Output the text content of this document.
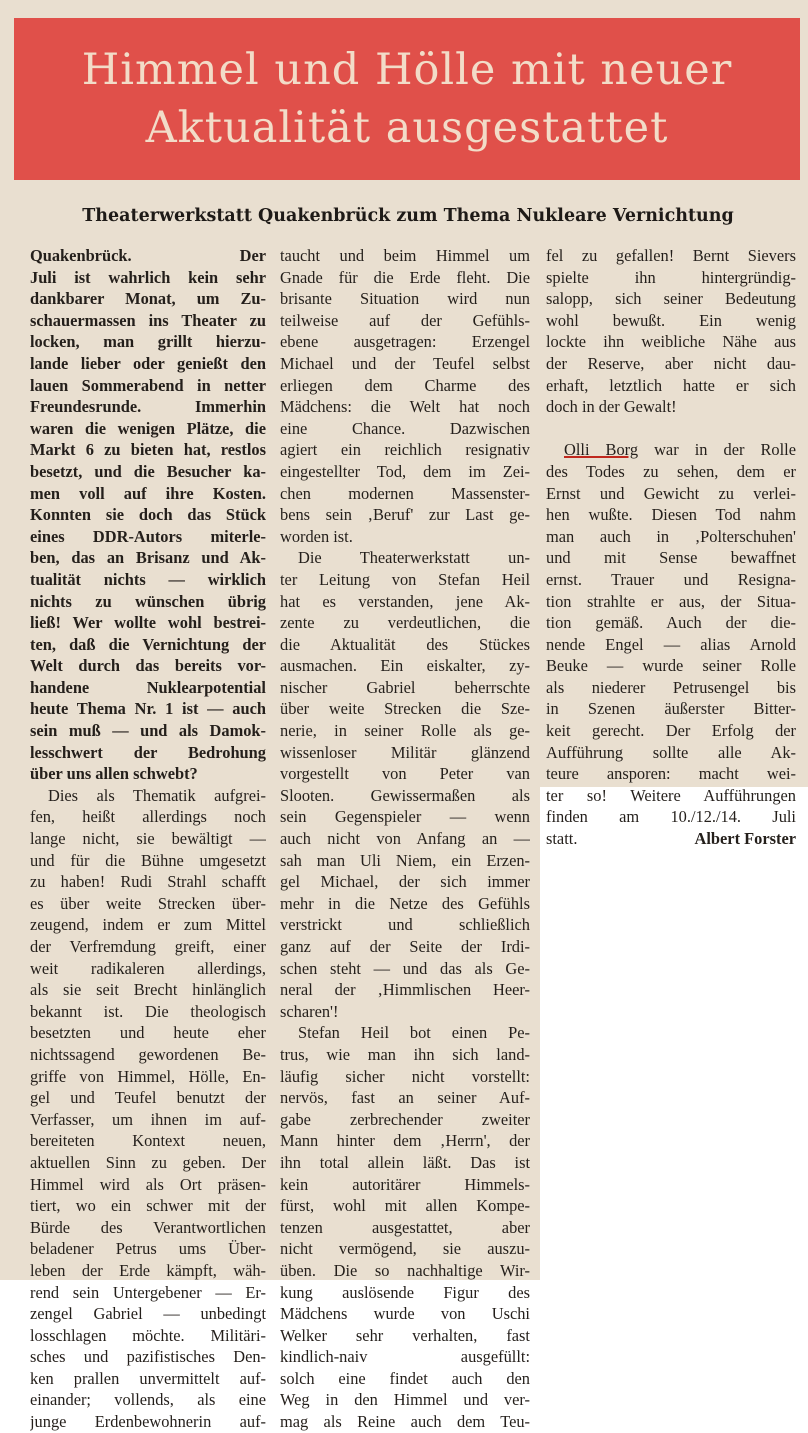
Himmel und Hölle mit neuer
Aktualität ausgestattet
Theaterwerkstatt Quakenbrück zum Thema Nukleare Vernichtung
Quakenbrück. Der
Juli ist wahrlich kein sehr
dankbarer Monat, um Zu-
schauermassen ins Theater zu
locken, man grillt hierzu-
lande lieber oder genießt den
lauen Sommerabend in netter
Freundesrunde. Immerhin
waren die wenigen Plätze, die
Markt 6 zu bieten hat, restlos
besetzt, und die Besucher ka-
men voll auf ihre Kosten.
Konnten sie doch das Stück
eines DDR-Autors miterle-
ben, das an Brisanz und Ak-
tualität nichts — wirklich
nichts zu wünschen übrig
ließ! Wer wollte wohl bestrei-
ten, daß die Vernichtung der
Welt durch das bereits vor-
handene Nuklearpotential
heute Thema Nr. 1 ist — auch
sein muß — und als Damok-
lesschwert der Bedrohung
über uns allen schwebt?
Dies als Thematik aufgrei-
fen, heißt allerdings noch
lange nicht, sie bewältigt —
und für die Bühne umgesetzt
zu haben! Rudi Strahl schafft
es über weite Strecken über-
zeugend, indem er zum Mittel
der Verfremdung greift, einer
weit radikaleren allerdings,
als sie seit Brecht hinlänglich
bekannt ist. Die theologisch
besetzten und heute eher
nichtssagend gewordenen Be-
griffe von Himmel, Hölle, En-
gel und Teufel benutzt der
Verfasser, um ihnen im auf-
bereiteten Kontext neuen,
aktuellen Sinn zu geben. Der
Himmel wird als Ort präsen-
tiert, wo ein schwer mit der
Bürde des Verantwortlichen
beladener Petrus ums Über-
leben der Erde kämpft, wäh-
rend sein Untergebener — Er-
zengel Gabriel — unbedingt
losschlagen möchte. Militäri-
sches und pazifistisches Den-
ken prallen unvermittelt auf-
einander; vollends, als eine
junge Erdenbewohnerin auf-
taucht und beim Himmel um
Gnade für die Erde fleht. Die
brisante Situation wird nun
teilweise auf der Gefühls-
ebene ausgetragen: Erzengel
Michael und der Teufel selbst
erliegen dem Charme des
Mädchens: die Welt hat noch
eine Chance. Dazwischen
agiert ein reichlich resignativ
eingestellter Tod, dem im Zei-
chen modernen Massenster-
bens sein ‚Beruf' zur Last ge-
worden ist.
Die Theaterwerkstatt un-
ter Leitung von Stefan Heil
hat es verstanden, jene Ak-
zente zu verdeutlichen, die
die Aktualität des Stückes
ausmachen. Ein eiskalter, zy-
nischer Gabriel beherrschte
über weite Strecken die Sze-
nerie, in seiner Rolle als ge-
wissenloser Militär glänzend
vorgestellt von Peter van
Slooten. Gewissermaßen als
sein Gegenspieler — wenn
auch nicht von Anfang an —
sah man Uli Niem, ein Erzen-
gel Michael, der sich immer
mehr in die Netze des Gefühls
verstrickt und schließlich
ganz auf der Seite der Irdi-
schen steht — und das als Ge-
neral der ‚Himmlischen Heer-
scharen'!
Stefan Heil bot einen Pe-
trus, wie man ihn sich land-
läufig sicher nicht vorstellt:
nervös, fast an seiner Auf-
gabe zerbrechender zweiter
Mann hinter dem ‚Herrn', der
ihn total allein läßt. Das ist
kein autoritärer Himmels-
fürst, wohl mit allen Kompe-
tenzen ausgestattet, aber
nicht vermögend, sie auszu-
üben. Die so nachhaltige Wir-
kung auslösende Figur des
Mädchens wurde von Uschi
Welker sehr verhalten, fast
kindlich-naiv ausgefüllt:
solch eine findet auch den
Weg in den Himmel und ver-
mag als Reine auch dem Teu-
fel zu gefallen! Bernt Sievers
spielte ihn hintergründig-
salopp, sich seiner Bedeutung
wohl bewußt. Ein wenig
lockte ihn weibliche Nähe aus
der Reserve, aber nicht dau-
erhaft, letztlich hatte er sich
doch in der Gewalt!
Olli Borg war in der Rolle
des Todes zu sehen, dem er
Ernst und Gewicht zu verlei-
hen wußte. Diesen Tod nahm
man auch in ‚Polterschuhen'
und mit Sense bewaffnet
ernst. Trauer und Resigna-
tion strahlte er aus, der Situa-
tion gemäß. Auch der die-
nende Engel — alias Arnold
Beuke — wurde seiner Rolle
als niederer Petrusengel bis
in Szenen äußerster Bitter-
keit gerecht. Der Erfolg der
Aufführung sollte alle Ak-
teure ansporen: macht wei-
ter so! Weitere Aufführungen
finden am 10./12./14. Juli
statt.	Albert Forster
